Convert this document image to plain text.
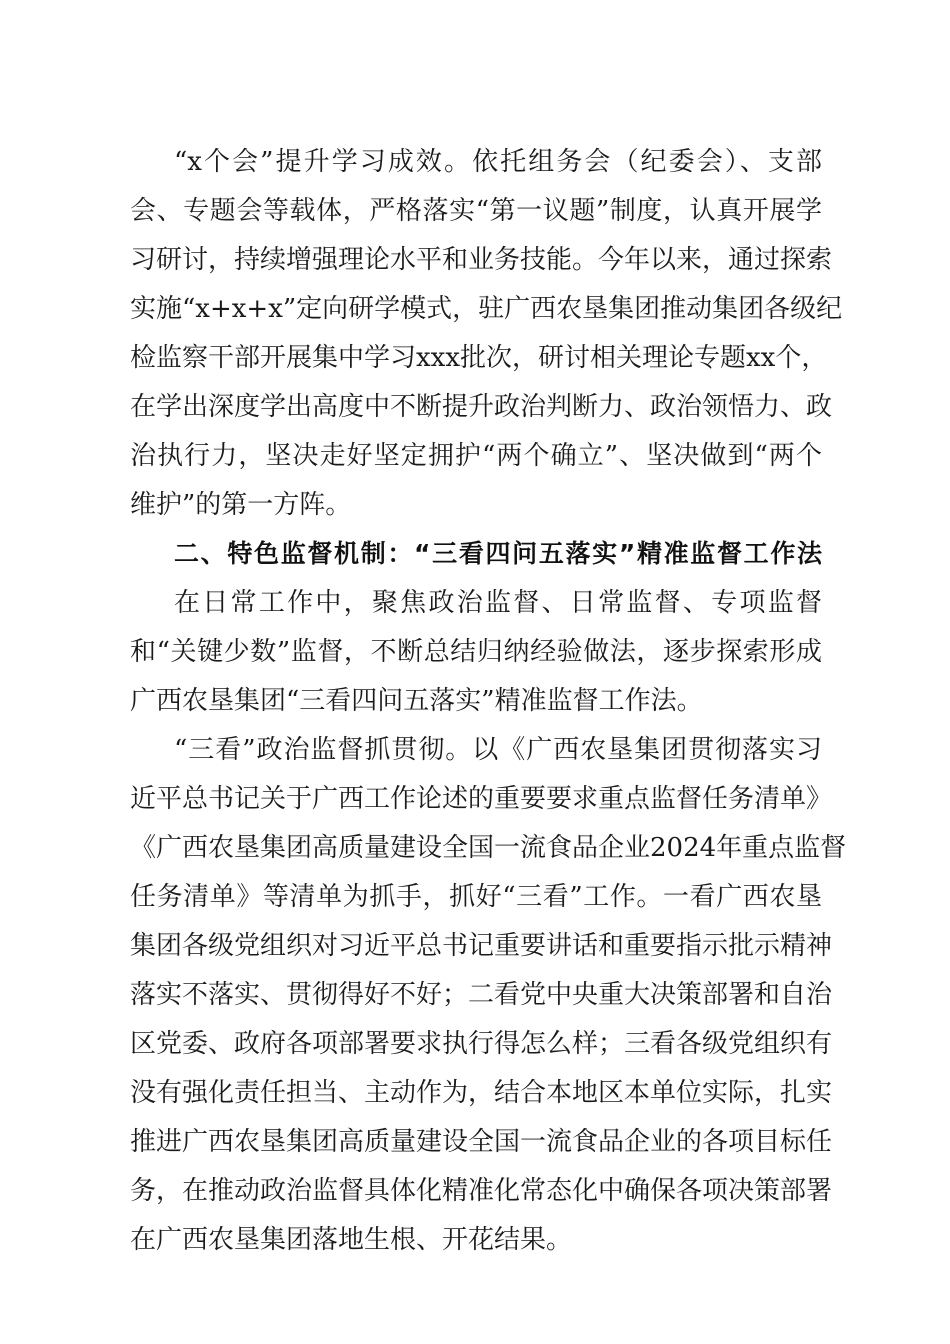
“x个会”提升学习成效。依托组务会（纪委会）、支部
会、专题会等载体，严格落实“第一议题”制度，认真开展学
习研讨，持续增强理论水平和业务技能。今年以来，通过探索
实施“x+x+x”定向研学模式，驻广西农垦集团推动集团各级纪
检监察干部开展集中学习xxx批次，研讨相关理论专题xx个，
在学出深度学出高度中不断提升政治判断力、政治领悟力、政
治执行力，坚决走好坚定拥护“两个确立”、坚决做到“两个
维护”的第一方阵。
二、特色监督机制：“三看四问五落实”精准监督工作法
在日常工作中，聚焦政治监督、日常监督、专项监督
和“关键少数”监督，不断总结归纳经验做法，逐步探索形成
广西农垦集团“三看四问五落实”精准监督工作法。
“三看”政治监督抓贯彻。以《广西农垦集团贯彻落实习
近平总书记关于广西工作论述的重要要求重点监督任务清单》
《广西农垦集团高质量建设全国一流食品企业2024年重点监督
任务清单》等清单为抓手，抓好“三看”工作。一看广西农垦
集团各级党组织对习近平总书记重要讲话和重要指示批示精神
落实不落实、贯彻得好不好；二看党中央重大决策部署和自治
区党委、政府各项部署要求执行得怎么样；三看各级党组织有
没有强化责任担当、主动作为，结合本地区本单位实际，扎实
推进广西农垦集团高质量建设全国一流食品企业的各项目标任
务，在推动政治监督具体化精准化常态化中确保各项决策部署
在广西农垦集团落地生根、开花结果。
